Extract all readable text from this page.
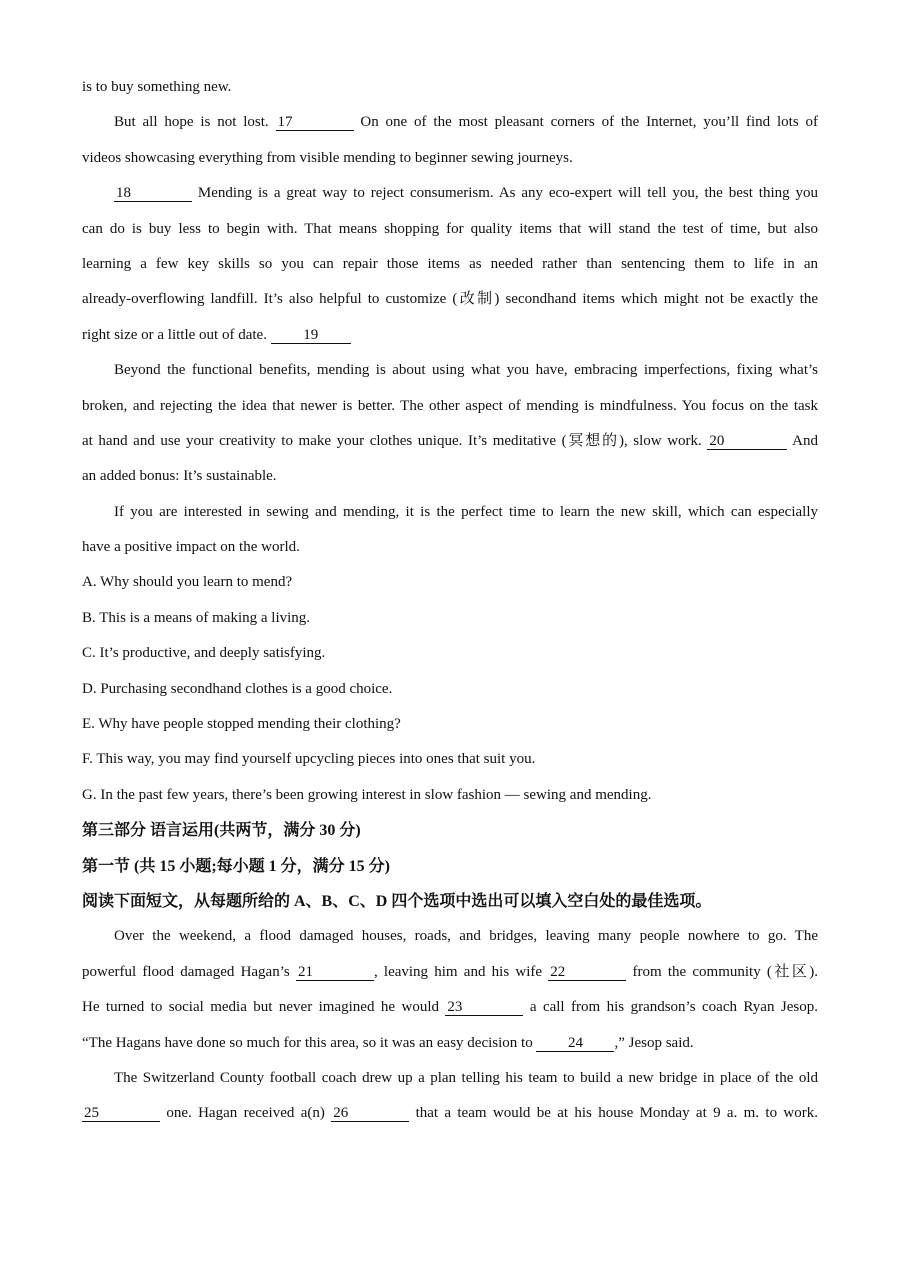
is to buy something new.
But all hope is not lost. 17	On one of the most pleasant corners of the Internet, you’ll find lots of
videos showcasing everything from visible mending to beginner sewing journeys.
18	Mending is a great way to reject consumerism. As any eco-expert will tell you, the best thing you
can do is buy less to begin with. That means shopping for quality items that will stand the test of time, but also
learning a few key skills so you can repair those items as needed rather than sentencing them to life in an
already-overflowing landfill. It’s also helpful to customize (改制) secondhand items which might not be exactly the
right size or a little out of date. 19
Beyond the functional benefits, mending is about using what you have, embracing imperfections, fixing what’s
broken, and rejecting the idea that newer is better. The other aspect of mending is mindfulness. You focus on the task
at hand and use your creativity to make your clothes unique. It’s meditative (冥想的), slow work. 20	And
an added bonus: It’s sustainable.
If you are interested in sewing and mending, it is the perfect time to learn the new skill, which can especially
have a positive impact on the world.
A. Why should you learn to mend?
B. This is a means of making a living.
C. It’s productive, and deeply satisfying.
D. Purchasing secondhand clothes is a good choice.
E. Why have people stopped mending their clothing?
F. This way, you may find yourself upcycling pieces into ones that suit you.
G. In the past few years, there’s been growing interest in slow fashion — sewing and mending.
第三部分 语言运用(共两节，满分 30 分)
第一节 (共 15 小题;每小题 1 分，满分 15 分)
阅读下面短文，从每题所给的 A、B、C、D 四个选项中选出可以填入空白处的最佳选项。
Over the weekend, a flood damaged houses, roads, and bridges, leaving many people nowhere to go. The
powerful flood damaged Hagan’s 21	, leaving him and his wife 22	from the community (社区).
He turned to social media but never imagined he would 23	a call from his grandson’s coach Ryan Jesop.
“The Hagans have done so much for this area, so it was an easy decision to 24 ,” Jesop said.
The Switzerland County football coach drew up a plan telling his team to build a new bridge in place of the old
25	one. Hagan received a(n) 26	that a team would be at his house Monday at 9 a. m. to work.
